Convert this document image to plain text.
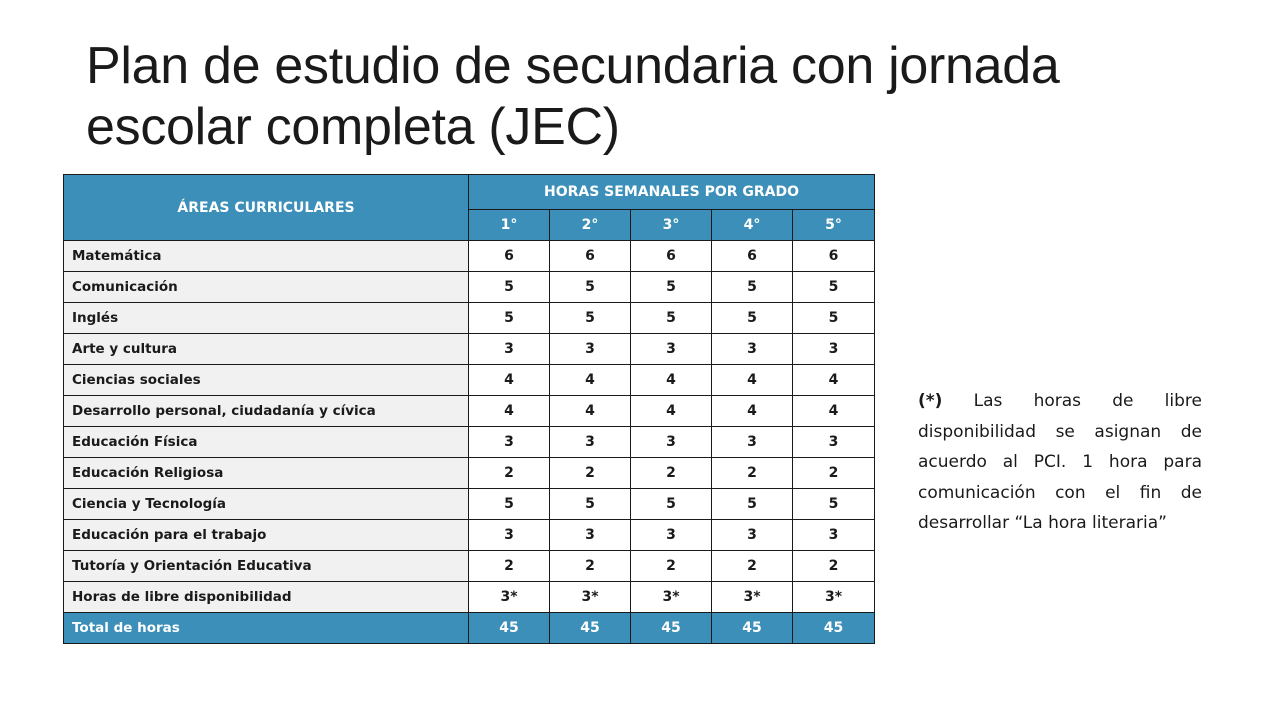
Plan de estudio de secundaria con jornada escolar completa (JEC)
ÁREAS CURRICULARES	HORAS SEMANALES POR GRADO				
	1°	2°	3°	4°	5°
Matemática	6	6	6	6	6
Comunicación	5	5	5	5	5
Inglés	5	5	5	5	5
Arte y cultura	3	3	3	3	3
Ciencias sociales	4	4	4	4	4
Desarrollo personal, ciudadanía y cívica	4	4	4	4	4
Educación Física	3	3	3	3	3
Educación Religiosa	2	2	2	2	2
Ciencia y Tecnología	5	5	5	5	5
Educación para el trabajo	3	3	3	3	3
Tutoría y Orientación Educativa	2	2	2	2	2
Horas de libre disponibilidad	3*	3*	3*	3*	3*
Total de horas	45	45	45	45	45

(*) Las horas de libre disponibilidad se asignan de acuerdo al PCI. 1 hora para comunicación con el fin de desarrollar “La hora literaria”
